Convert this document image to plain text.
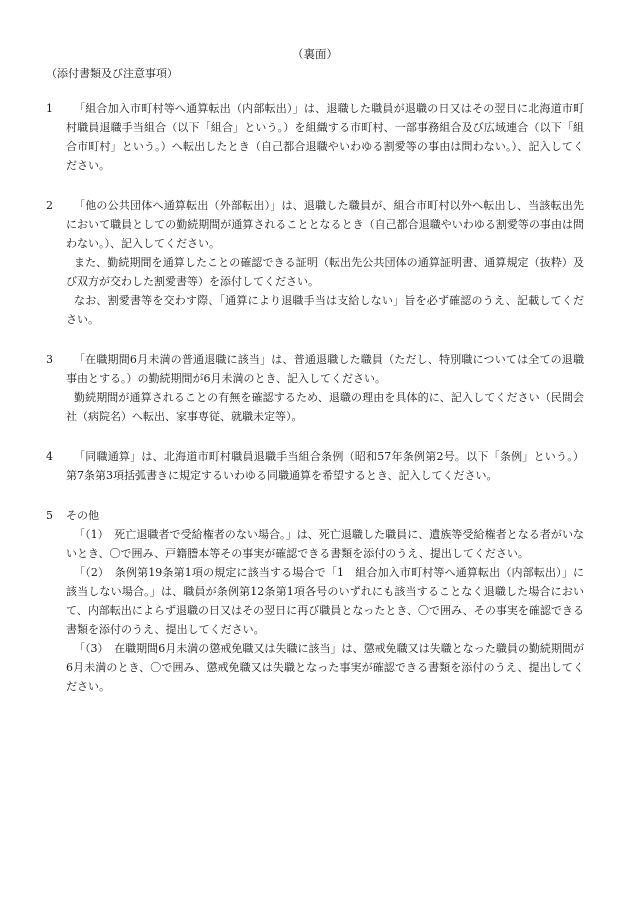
（裏面）
（添付書類及び注意事項）
1	「組合加入市町村等へ通算転出（内部転出）」は、退職した職員が退職の日又はその翌日に北海道市町村職員退職手当組合（以下「組合」という。）を組織する市町村、一部事務組合及び広域連合（以下「組合市町村」という。）へ転出したとき（自己都合退職やいわゆる割愛等の事由は問わない。）、記入してください。

2	「他の公共団体へ通算転出（外部転出）」は、退職した職員が、組合市町村以外へ転出し、当該転出先において職員としての勤続期間が通算されることとなるとき（自己都合退職やいわゆる割愛等の事由は問わない。）、記入してください。

また、勤続期間を通算したことの確認できる証明（転出先公共団体の通算証明書、通算規定（抜粋）及び双方が交わした割愛書等）を添付してください。

なお、割愛書等を交わす際、「通算により退職手当は支給しない」旨を必ず確認のうえ、記載してください。

3	「在職期間6月未満の普通退職に該当」は、普通退職した職員（ただし、特別職については全ての退職事由とする。）の勤続期間が6月未満のとき、記入してください。

勤続期間が通算されることの有無を確認するため、退職の理由を具体的に、記入してください（民間会社（病院名）へ転出、家事専従、就職未定等）。

4	「同職通算」は、北海道市町村職員退職手当組合条例（昭和57年条例第2号。以下「条例」という。）第7条第3項括弧書きに規定するいわゆる同職通算を希望するとき、記入してください。

5	その他

「（1）　死亡退職者で受給権者のない場合。」は、死亡退職した職員に、遺族等受給権者となる者がいないとき、〇で囲み、戸籍謄本等その事実が確認できる書類を添付のうえ、提出してください。

「（2）　条例第19条第1項の規定に該当する場合で「1　組合加入市町村等へ通算転出（内部転出）」に該当しない場合。」は、職員が条例第12条第1項各号のいずれにも該当することなく退職した場合において、内部転出によらず退職の日又はその翌日に再び職員となったとき、〇で囲み、その事実を確認できる書類を添付のうえ、提出してください。

「（3）　在職期間6月未満の懲戒免職又は失職に該当」は、懲戒免職又は失職となった職員の勤続期間が6月未満のとき、〇で囲み、懲戒免職又は失職となった事実が確認できる書類を添付のうえ、提出してください。
